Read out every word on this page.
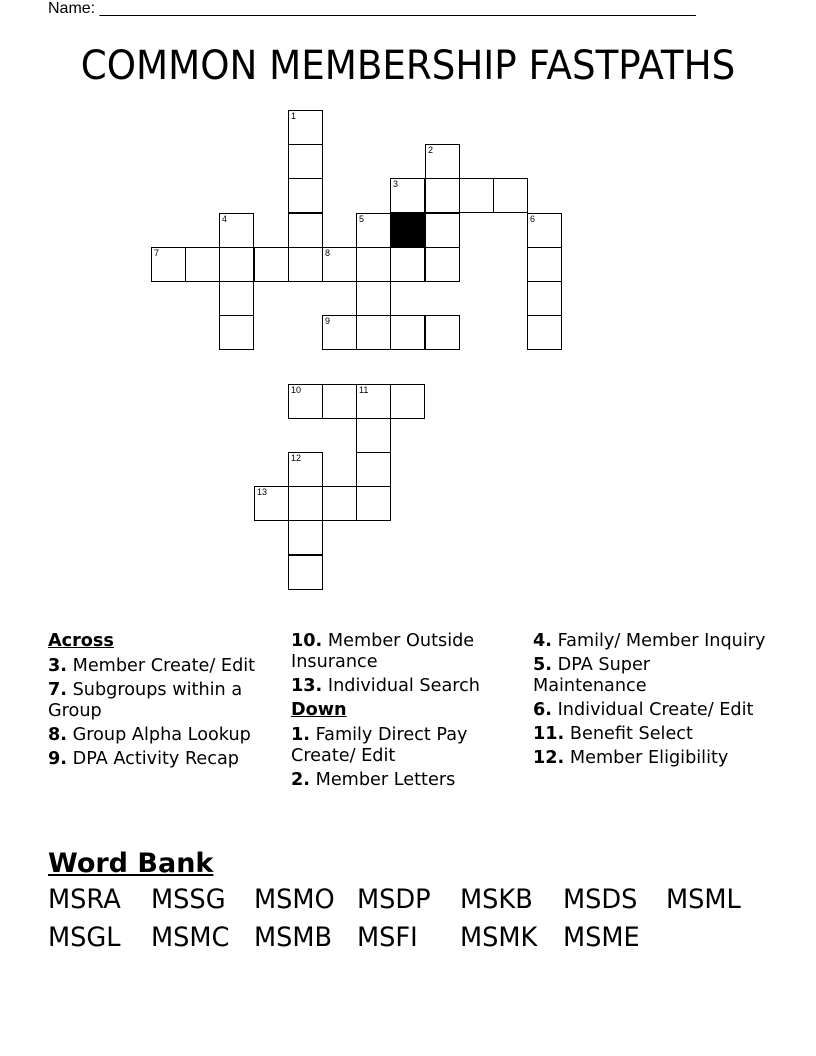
Name: ___________________________________________________________________
COMMON MEMBERSHIP FASTPATHS
1
2
3
4	5	6
7	8
9
10	11
12
13
Across
3. Member Create/ Edit
7. Subgroups within a Group
8. Group Alpha Lookup
9. DPA Activity Recap
10. Member Outside Insurance
13. Individual Search
Down
1. Family Direct Pay Create/ Edit
2. Member Letters
4. Family/ Member Inquiry
5. DPA Super Maintenance
6. Individual Create/ Edit
11. Benefit Select
12. Member Eligibility
Word Bank
MSRA MSSG MSMO MSDP MSKB MSDS MSML
MSGL MSMC MSMB MSFI MSMK MSME
